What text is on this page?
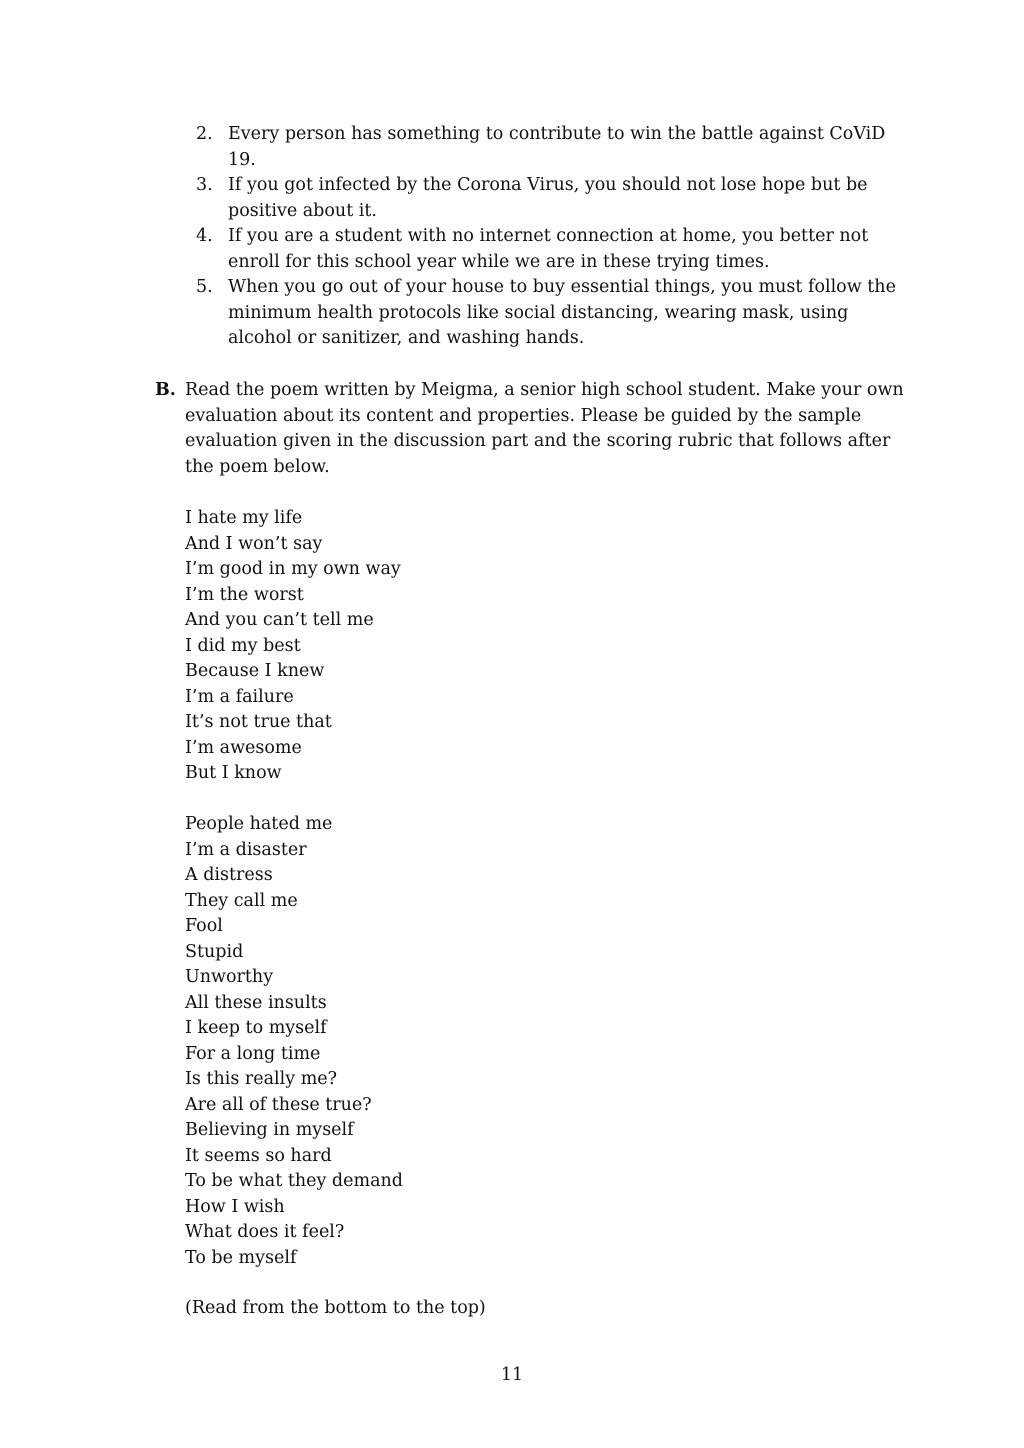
2. Every person has something to contribute to win the battle against CoViD 19.
3. If you got infected by the Corona Virus, you should not lose hope but be positive about it.
4. If you are a student with no internet connection at home, you better not enroll for this school year while we are in these trying times.
5. When you go out of your house to buy essential things, you must follow the minimum health protocols like social distancing, wearing mask, using alcohol or sanitizer, and washing hands.
B. Read the poem written by Meigma, a senior high school student. Make your own evaluation about its content and properties. Please be guided by the sample evaluation given in the discussion part and the scoring rubric that follows after the poem below.
I hate my life
And I won’t say
I’m good in my own way
I’m the worst
And you can’t tell me
I did my best
Because I knew
I’m a failure
It’s not true that
I’m awesome
But I know
People hated me
I’m a disaster
A distress
They call me
Fool
Stupid
Unworthy
All these insults
I keep to myself
For a long time
Is this really me?
Are all of these true?
Believing in myself
It seems so hard
To be what they demand
How I wish
What does it feel?
To be myself
(Read from the bottom to the top)
11
